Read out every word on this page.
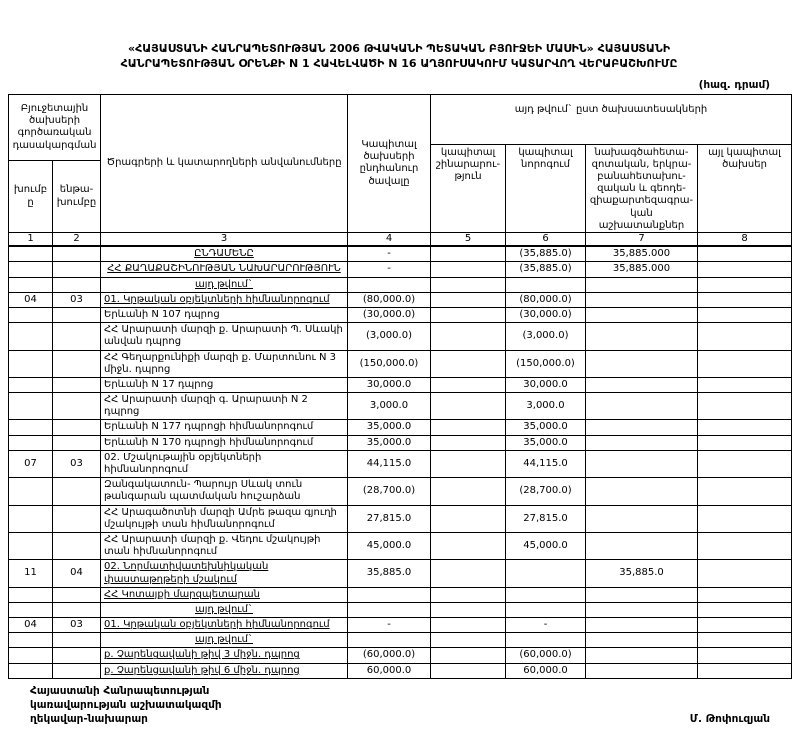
«ՀԱՅԱՍՏԱՆԻ ՀԱՆՐԱՊԵՏՈՒԹՅԱՆ 2006 ԹՎԱԿԱՆԻ ՊԵՏԱԿԱՆ ԲՅՈՒՋԵԻ ՄԱՍԻՆ» ՀԱՅԱՍՏԱՆԻ
ՀԱՆՐԱՊԵՏՈՒԹՅԱՆ ՕՐԵՆՔԻ N 1 ՀԱՎԵԼՎԱԾԻ N 16 ԱՂՅՈՒՍԱԿՈՒՄ ԿԱՏԱՐՎՈՂ ՎԵՐԱԲԱՇԽՈՒՄԸ
(հազ. դրամ)
Բյուջետային ծախսերի գործառական դասակարգման		Ծրագրերի և կատարողների անվանումները	Կապիտալ ծախսերի ընդհանուր ծավալը	այդ թվում` ըստ ծախսատեսակների			
				կապիտալ շինարարու-թյուն	կապիտալ նորոգում	նախագծահետա-զոտական, երկրա-բանահետախու-զական և գեոդե-զիաքարտեզագրա-կան աշխատանքներ	այլ կապիտալ ծախսեր
խումբը	ենթա-խումբը						
1	2	3	4	5	6	7	8
		ԸՆԴԱՄԵՆԸ	-		(35,885.0)	35,885.000	
		ՀՀ ՔԱՂԱՔԱՇԻՆՈՒԹՅԱՆ ՆԱԽԱՐԱՐՈՒԹՅՈՒՆ	-		(35,885.0)	35,885.000	
		այդ թվում`					
04	03	01. Կրթական օբյեկտների հիմնանորոգում	(80,000.0)		(80,000.0)		
		Երևանի N 107 դպրոց	(30,000.0)		(30,000.0)		
		ՀՀ Արարատի մարզի ք. Արարատի Պ. Սևակի անվան դպրոց	(3,000.0)		(3,000.0)		
		ՀՀ Գեղարքունիքի մարզի ք. Մարտունու N 3 միջն. դպրոց	(150,000.0)		(150,000.0)		
		Երևանի N 17 դպրոց	30,000.0		30,000.0		
		ՀՀ Արարատի մարզի գ. Արարատի N 2 դպրոց	3,000.0		3,000.0		
		Երևանի N 177 դպրոցի հիմնանորոգում	35,000.0		35,000.0		
		Երևանի N 170 դպրոցի հիմնանորոգում	35,000.0		35,000.0		
07	03	02. Մշակութային օբյեկտների հիմնանորոգում	44,115.0		44,115.0		
		Զանգակատուն- Պարույր Սևակ տուն թանգարան պատմական հուշարձան	(28,700.0)		(28,700.0)		
		ՀՀ Արագածոտնի մարզի Ամրե թազա գյուղի մշակույթի տան հիմնանորոգում	27,815.0		27,815.0		
		ՀՀ Արարատի մարզի ք. Վեդու մշակույթի տան հիմնանորոգում	45,000.0		45,000.0		
11	04	02. Նորմատիվատեխնիկական փաստաթղթերի մշակում	35,885.0			35,885.0	
		ՀՀ Կոտայքի մարզպետարան					
		այդ թվում`					
04	03	01. Կրթական օբյեկտների հիմնանորոգում	-		-		
		այդ թվում`					
		ք. Չարենցավանի թիվ 3 միջն. դպրոց	(60,000.0)		(60,000.0)		
		ք. Չարենցավանի թիվ 6 միջն. դպրոց	60,000.0		60,000.0		
Հայաստանի Հանրապետության
կառավարության աշխատակազմի
ղեկավար-նախարար	Մ. Թոփուզյան
